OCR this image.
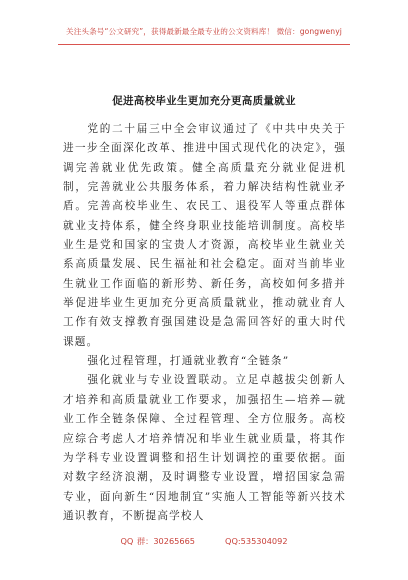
关注头条号“公文研究”，获得最新最全最专业的公文资料库！ 微信：gongwenyj
促进高校毕业生更加充分更高质量就业

党的二十届三中全会审议通过了《中共中央关于进一步全面深化改革、推进中国式现代化的决定》，强调完善就业优先政策。健全高质量充分就业促进机制，完善就业公共服务体系，着力解决结构性就业矛盾。完善高校毕业生、农民工、退役军人等重点群体就业支持体系，健全终身职业技能培训制度。高校毕业生是党和国家的宝贵人才资源，高校毕业生就业关系高质量发展、民生福祉和社会稳定。面对当前毕业生就业工作面临的新形势、新任务，高校如何多措并举促进毕业生更加充分更高质量就业，推动就业育人工作有效支撑教育强国建设是急需回答好的重大时代课题。

强化过程管理，打通就业教育“全链条”

强化就业与专业设置联动。立足卓越拔尖创新人才培养和高质量就业工作要求，加强招生—培养—就业工作全链条保障、全过程管理、全方位服务。高校应综合考虑人才培养情况和毕业生就业质量，将其作为学科专业设置调整和招生计划调控的重要依据。面对数字经济浪潮，及时调整专业设置，增招国家急需专业，面向新生“因地制宜”实施人工智能等新兴技术通识教育，不断提高学校人

QQ 群：30265665	QQ:535304092
